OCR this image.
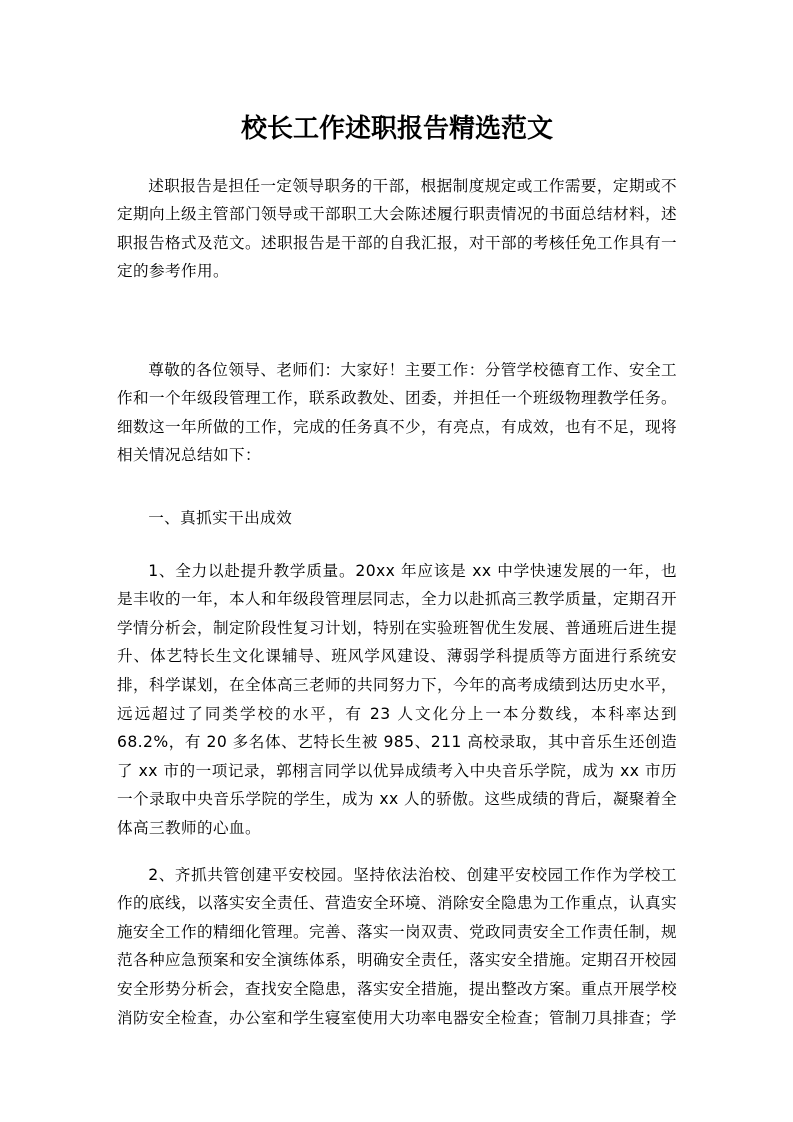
校长工作述职报告精选范文

述职报告是担任一定领导职务的干部，根据制度规定或工作需要，定期或不定期向上级主管部门领导或干部职工大会陈述履行职责情况的书面总结材料，述职报告格式及范文。述职报告是干部的自我汇报，对干部的考核任免工作具有一定的参考作用。

尊敬的各位领导、老师们：大家好！主要工作：分管学校德育工作、安全工作和一个年级段管理工作，联系政教处、团委，并担任一个班级物理教学任务。细数这一年所做的工作，完成的任务真不少，有亮点，有成效，也有不足，现将相关情况总结如下：

一、真抓实干出成效

1、全力以赴提升教学质量。20xx 年应该是 xx 中学快速发展的一年，也是丰收的一年，本人和年级段管理层同志，全力以赴抓高三教学质量，定期召开学情分析会，制定阶段性复习计划，特别在实验班智优生发展、普通班后进生提升、体艺特长生文化课辅导、班风学风建设、薄弱学科提质等方面进行系统安排，科学谋划，在全体高三老师的共同努力下，今年的高考成绩到达历史水平，远远超过了同类学校的水平，有 23 人文化分上一本分数线，本科率达到 68.2%，有 20 多名体、艺特长生被 985、211 高校录取，其中音乐生还创造了 xx 市的一项记录，郭栩言同学以优异成绩考入中央音乐学院，成为 xx 市历一个录取中央音乐学院的学生，成为 xx 人的骄傲。这些成绩的背后，凝聚着全体高三教师的心血。

2、齐抓共管创建平安校园。坚持依法治校、创建平安校园工作作为学校工作的底线，以落实安全责任、营造安全环境、消除安全隐患为工作重点，认真实施安全工作的精细化管理。完善、落实一岗双责、党政同责安全工作责任制，规范各种应急预案和安全演练体系，明确安全责任，落实安全措施。定期召开校园安全形势分析会，查找安全隐患，落实安全措施，提出整改方案。重点开展学校消防安全检查，办公室和学生寝室使用大功率电器安全检查；管制刀具排查；学
